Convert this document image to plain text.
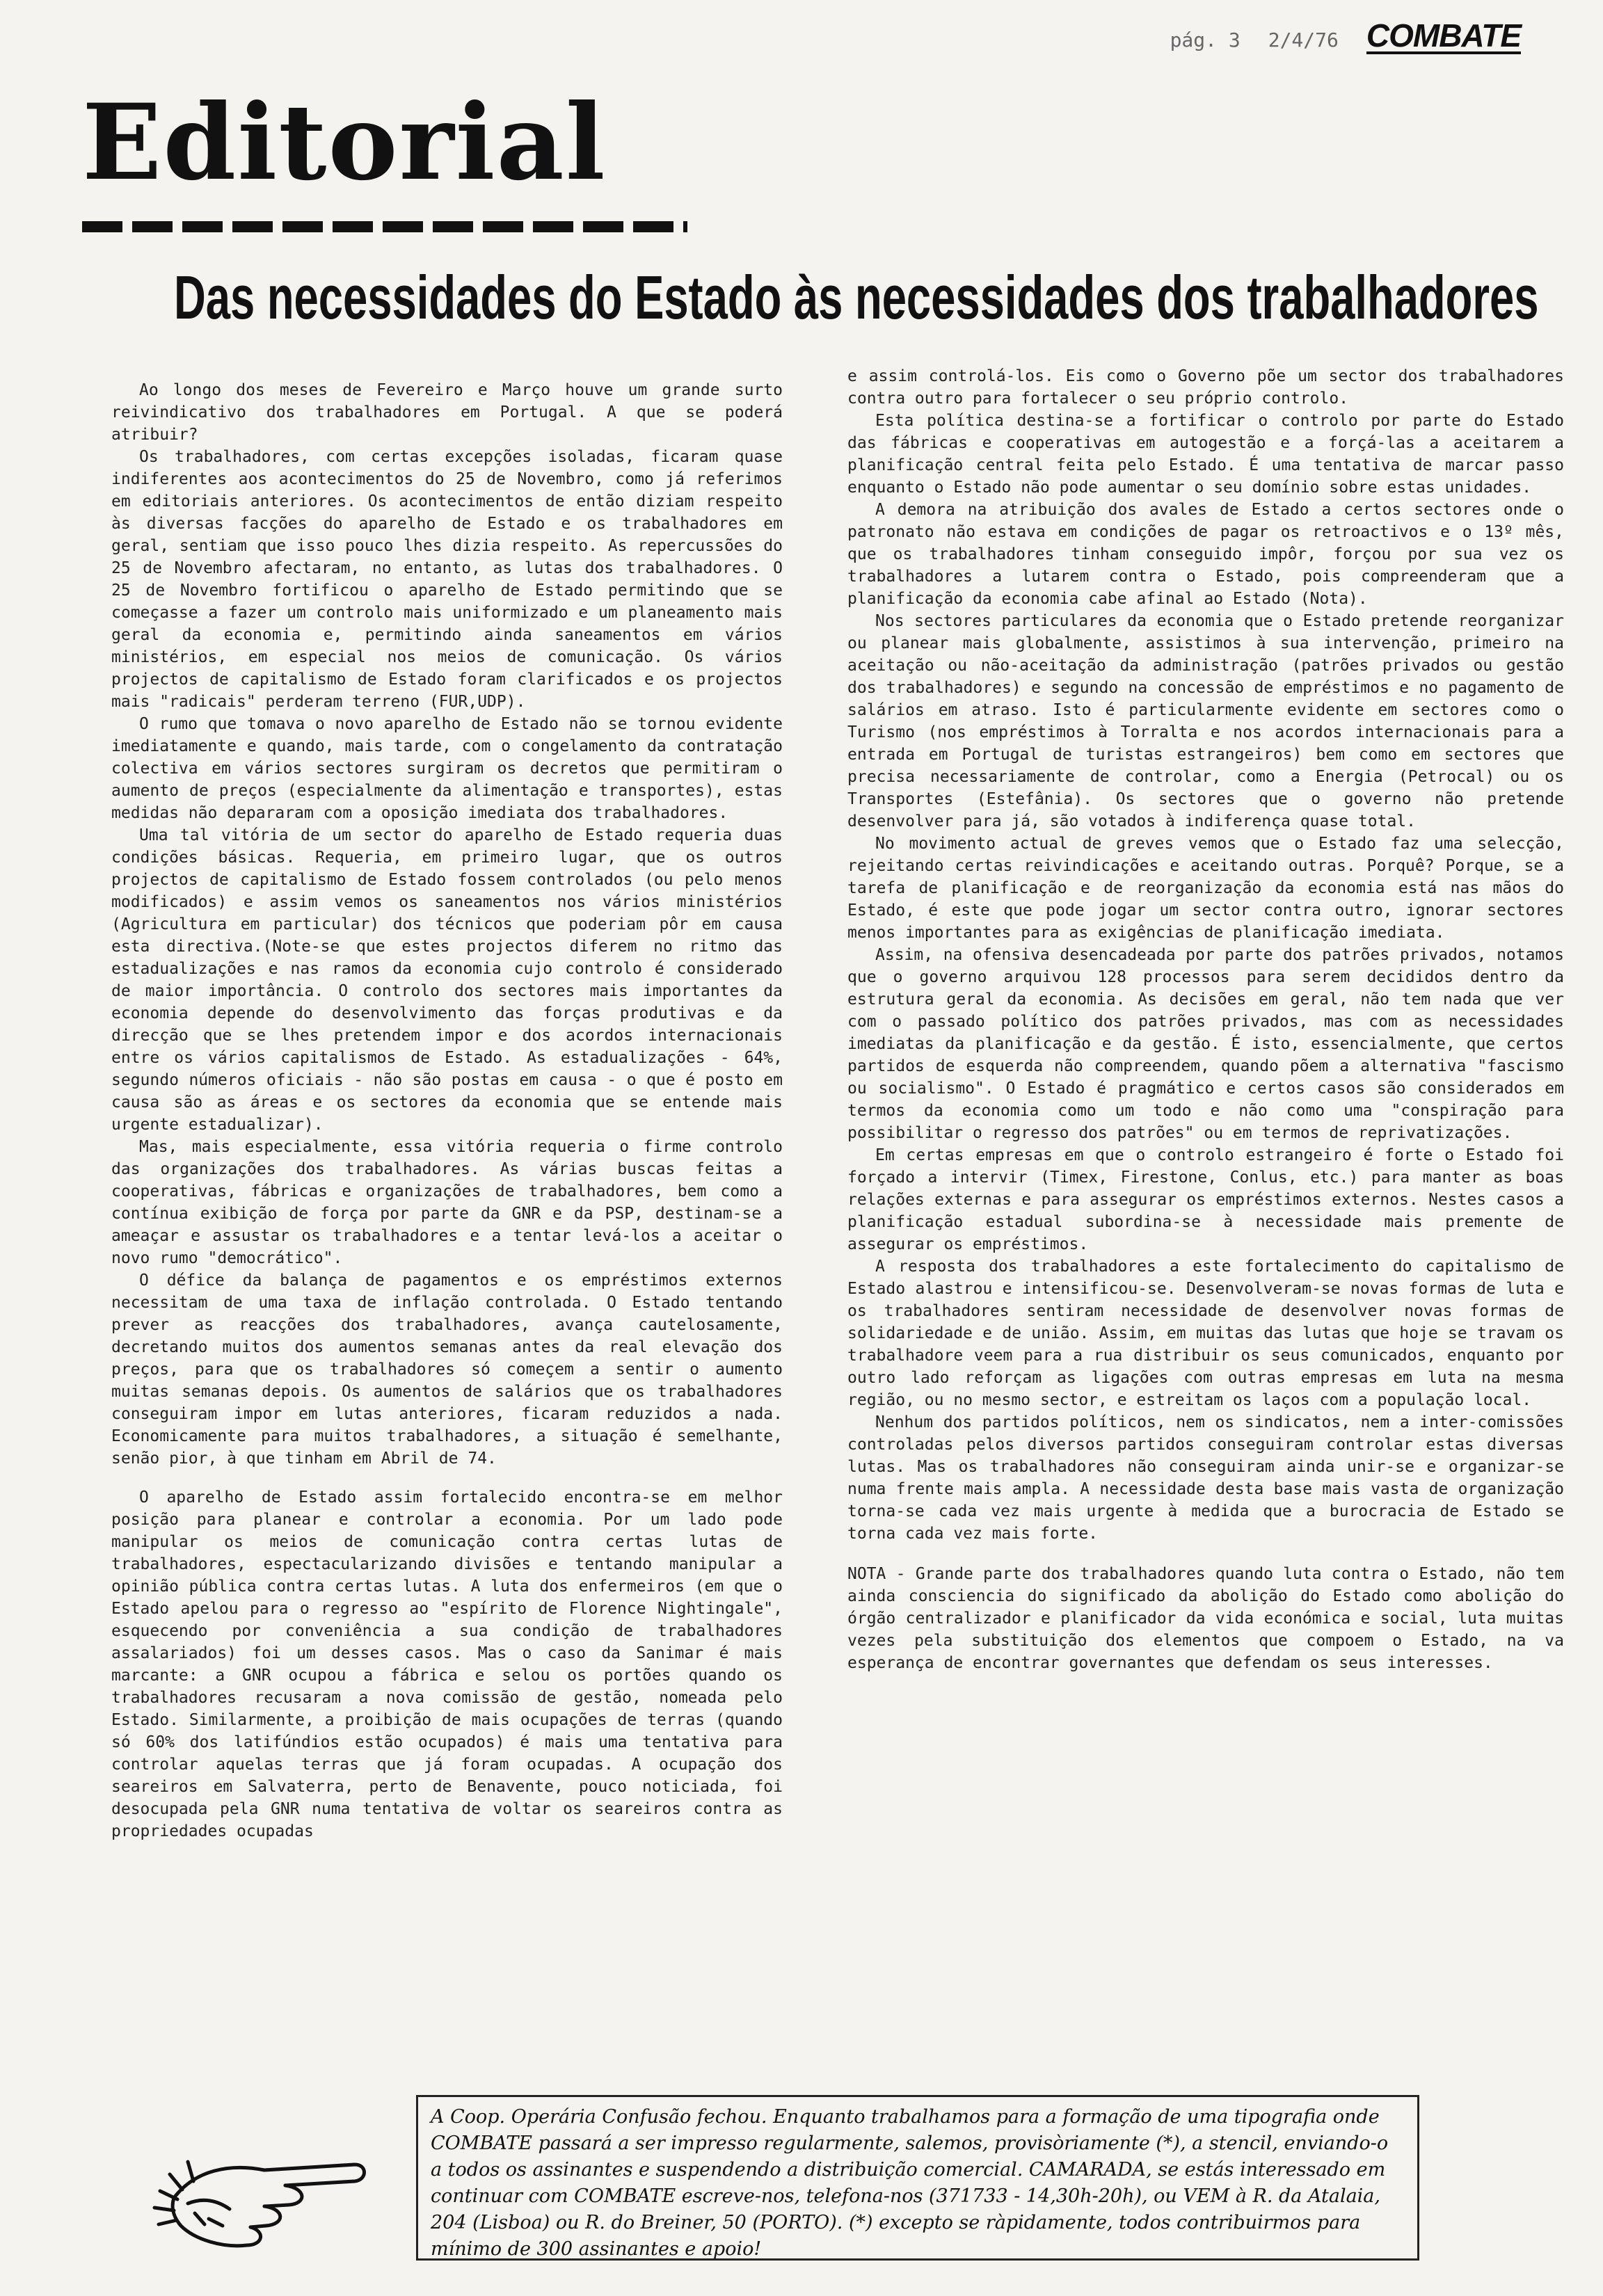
pág. 3 2/4/76 COMBATE
Editorial
Das necessidades do Estado às necessidades dos trabalhadores

Ao longo dos meses de Fevereiro e Março houve um grande surto reivindicativo dos trabalhadores em Portugal. A que se poderá atribuir?

Os trabalhadores, com certas excepções isoladas, ficaram quase indiferentes aos acontecimentos do 25 de Novembro, como já referimos em editoriais anteriores. Os acontecimentos de então diziam respeito às diversas facções do aparelho de Estado e os trabalhadores em geral, sentiam que isso pouco lhes dizia respeito. As repercussões do 25 de Novembro afectaram, no entanto, as lutas dos trabalhadores. O 25 de Novembro fortificou o aparelho de Estado permitindo que se começasse a fazer um controlo mais uniformizado e um planeamento mais geral da economia e, permitindo ainda saneamentos em vários ministérios, em especial nos meios de comunicação. Os vários projectos de capitalismo de Estado foram clarificados e os projectos mais "radicais" perderam terreno (FUR,UDP).

O rumo que tomava o novo aparelho de Estado não se tornou evidente imediatamente e quando, mais tarde, com o congelamento da contratação colectiva em vários sectores surgiram os decretos que permitiram o aumento de preços (especialmente da alimentação e transportes), estas medidas não depararam com a oposição imediata dos trabalhadores.

Uma tal vitória de um sector do aparelho de Estado requeria duas condições básicas. Requeria, em primeiro lugar, que os outros projectos de capitalismo de Estado fossem controlados (ou pelo menos modificados) e assim vemos os saneamentos nos vários ministérios (Agricultura em particular) dos técnicos que poderiam pôr em causa esta directiva.(Note-se que estes projectos diferem no ritmo das estadualizações e nas ramos da economia cujo controlo é considerado de maior importância. O controlo dos sectores mais importantes da economia depende do desenvolvimento das forças produtivas e da direcção que se lhes pretendem impor e dos acordos internacionais entre os vários capitalismos de Estado. As estadualizações - 64%, segundo números oficiais - não são postas em causa - o que é posto em causa são as áreas e os sectores da economia que se entende mais urgente estadualizar).

Mas, mais especialmente, essa vitória requeria o firme controlo das organizações dos trabalhadores. As várias buscas feitas a cooperativas, fábricas e organizações de trabalhadores, bem como a contínua exibição de força por parte da GNR e da PSP, destinam-se a ameaçar e assustar os trabalhadores e a tentar levá-los a aceitar o novo rumo "democrático".

O défice da balança de pagamentos e os empréstimos externos necessitam de uma taxa de inflação controlada. O Estado tentando prever as reacções dos trabalhadores, avança cautelosamente, decretando muitos dos aumentos semanas antes da real elevação dos preços, para que os trabalhadores só começem a sentir o aumento muitas semanas depois. Os aumentos de salários que os trabalhadores conseguiram impor em lutas anteriores, ficaram reduzidos a nada. Economicamente para muitos trabalhadores, a situação é semelhante, senão pior, à que tinham em Abril de 74.

O aparelho de Estado assim fortalecido encontra-se em melhor posição para planear e controlar a economia. Por um lado pode manipular os meios de comunicação contra certas lutas de trabalhadores, espectacularizando divisões e tentando manipular a opinião pública contra certas lutas. A luta dos enfermeiros (em que o Estado apelou para o regresso ao "espírito de Florence Nightingale", esquecendo por conveniência a sua condição de trabalhadores assalariados) foi um desses casos. Mas o caso da Sanimar é mais marcante: a GNR ocupou a fábrica e selou os portões quando os trabalhadores recusaram a nova comissão de gestão, nomeada pelo Estado. Similarmente, a proibição de mais ocupações de terras (quando só 60% dos latifúndios estão ocupados) é mais uma tentativa para controlar aquelas terras que já foram ocupadas. A ocupação dos seareiros em Salvaterra, perto de Benavente, pouco noticiada, foi desocupada pela GNR numa tentativa de voltar os seareiros contra as propriedades ocupadas

e assim controlá-los. Eis como o Governo põe um sector dos trabalhadores contra outro para fortalecer o seu próprio controlo.

Esta política destina-se a fortificar o controlo por parte do Estado das fábricas e cooperativas em autogestão e a forçá-las a aceitarem a planificação central feita pelo Estado. É uma tentativa de marcar passo enquanto o Estado não pode aumentar o seu domínio sobre estas unidades.

A demora na atribuição dos avales de Estado a certos sectores onde o patronato não estava em condições de pagar os retroactivos e o 13º mês, que os trabalhadores tinham conseguido impôr, forçou por sua vez os trabalhadores a lutarem contra o Estado, pois compreenderam que a planificação da economia cabe afinal ao Estado (Nota).

Nos sectores particulares da economia que o Estado pretende reorganizar ou planear mais globalmente, assistimos à sua intervenção, primeiro na aceitação ou não-aceitação da administração (patrões privados ou gestão dos trabalhadores) e segundo na concessão de empréstimos e no pagamento de salários em atraso. Isto é particularmente evidente em sectores como o Turismo (nos empréstimos à Torralta e nos acordos internacionais para a entrada em Portugal de turistas estrangeiros) bem como em sectores que precisa necessariamente de controlar, como a Energia (Petrocal) ou os Transportes (Estefânia). Os sectores que o governo não pretende desenvolver para já, são votados à indiferença quase total.

No movimento actual de greves vemos que o Estado faz uma selecção, rejeitando certas reivindicações e aceitando outras. Porquê? Porque, se a tarefa de planificação e de reorganização da economia está nas mãos do Estado, é este que pode jogar um sector contra outro, ignorar sectores menos importantes para as exigências de planificação imediata.

Assim, na ofensiva desencadeada por parte dos patrões privados, notamos que o governo arquivou 128 processos para serem decididos dentro da estrutura geral da economia. As decisões em geral, não tem nada que ver com o passado político dos patrões privados, mas com as necessidades imediatas da planificação e da gestão. É isto, essencialmente, que certos partidos de esquerda não compreendem, quando põem a alternativa "fascismo ou socialismo". O Estado é pragmático e certos casos são considerados em termos da economia como um todo e não como uma "conspiração para possibilitar o regresso dos patrões" ou em termos de reprivatizações.

Em certas empresas em que o controlo estrangeiro é forte o Estado foi forçado a intervir (Timex, Firestone, Conlus, etc.) para manter as boas relações externas e para assegurar os empréstimos externos. Nestes casos a planificação estadual subordina-se à necessidade mais premente de assegurar os empréstimos.

A resposta dos trabalhadores a este fortalecimento do capitalismo de Estado alastrou e intensificou-se. Desenvolveram-se novas formas de luta e os trabalhadores sentiram necessidade de desenvolver novas formas de solidariedade e de união. Assim, em muitas das lutas que hoje se travam os trabalhadore veem para a rua distribuir os seus comunicados, enquanto por outro lado reforçam as ligações com outras empresas em luta na mesma região, ou no mesmo sector, e estreitam os laços com a população local.

Nenhum dos partidos políticos, nem os sindicatos, nem a inter-comissões controladas pelos diversos partidos conseguiram controlar estas diversas lutas. Mas os trabalhadores não conseguiram ainda unir-se e organizar-se numa frente mais ampla. A necessidade desta base mais vasta de organização torna-se cada vez mais urgente à medida que a burocracia de Estado se torna cada vez mais forte.

NOTA - Grande parte dos trabalhadores quando luta contra o Estado, não tem ainda consciencia do significado da abolição do Estado como abolição do órgão centralizador e planificador da vida económica e social, luta muitas vezes pela substituição dos elementos que compoem o Estado, na va esperança de encontrar governantes que defendam os seus interesses.

A Coop. Operária Confusão fechou. Enquanto trabalhamos para a formação de uma tipografia onde COMBATE passará a ser impresso regularmente, salemos, provisòriamente (*), a stencil, enviando-o a todos os assinantes e suspendendo a distribuição comercial. CAMARADA, se estás interessado em continuar com COMBATE escreve-nos, telefona-nos (371733 - 14,30h-20h), ou VEM à R. da Atalaia, 204 (Lisboa) ou R. do Breiner, 50 (PORTO). (*) excepto se ràpidamente, todos contribuirmos para mínimo de 300 assinantes e apoio!
